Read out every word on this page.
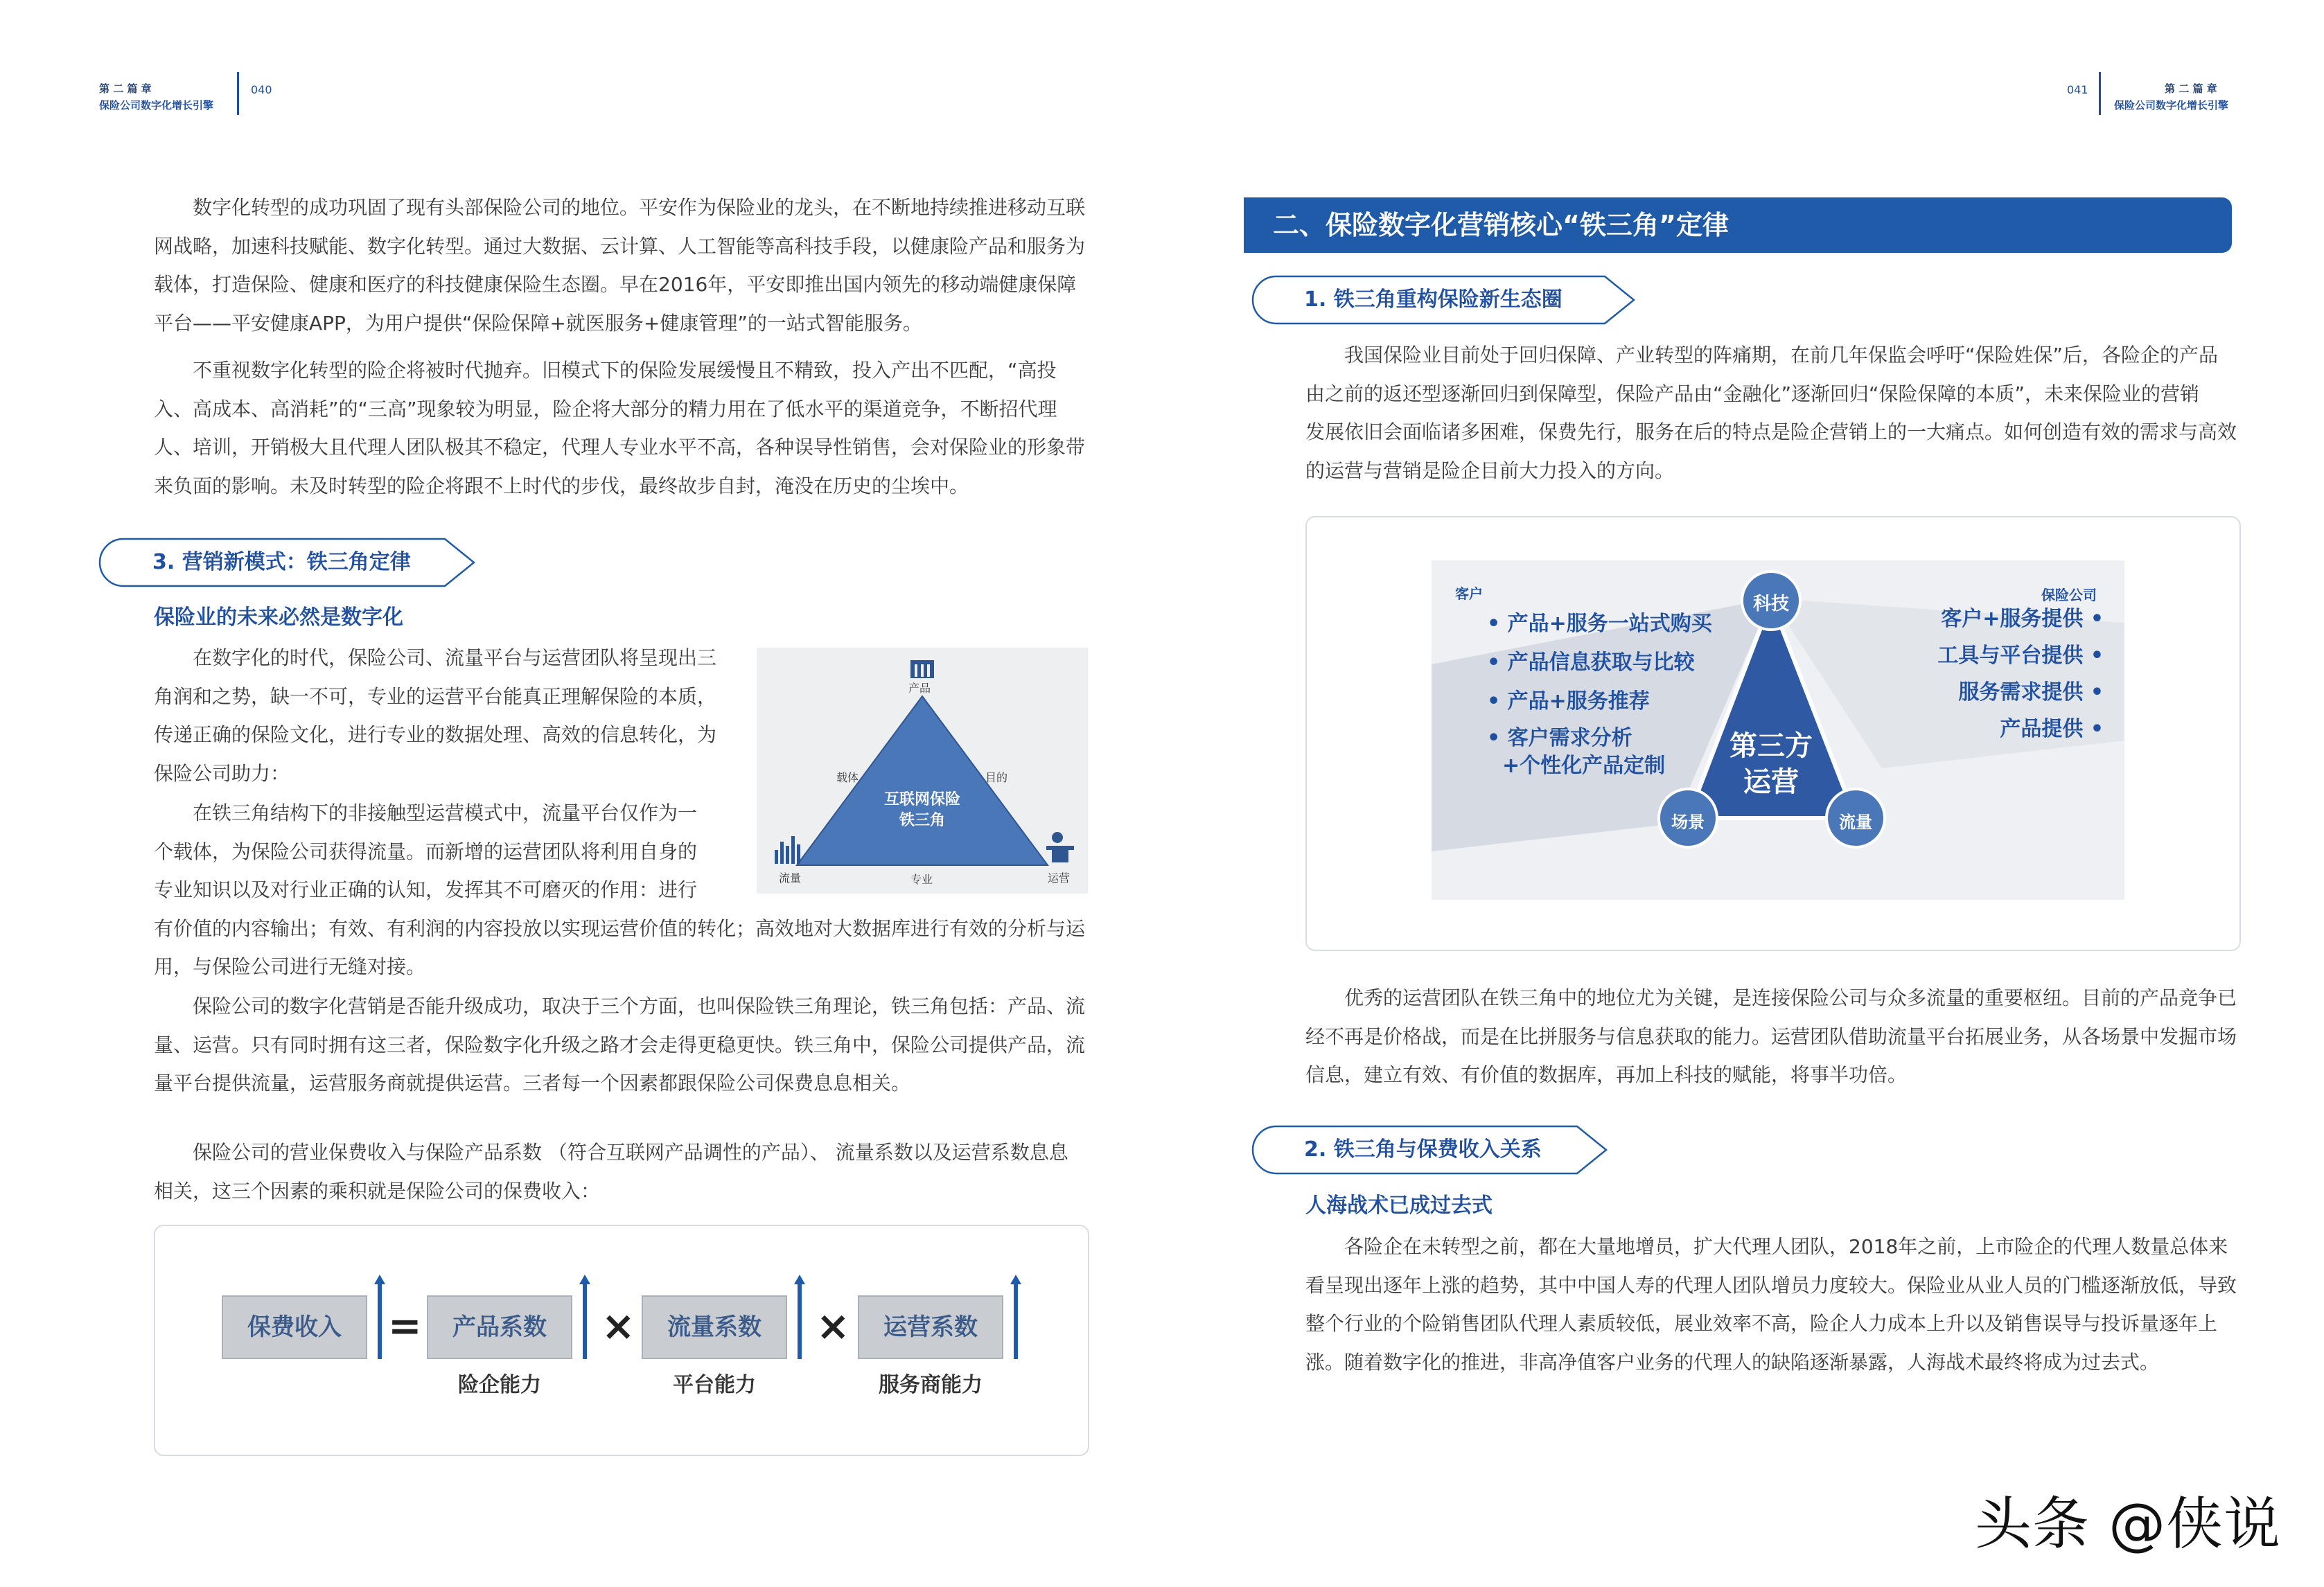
第 二 篇 章
保险公司数字化增长引擎
040
数字化转型的成功巩固了现有头部保险公司的地位。平安作为保险业的龙头，在不断地持续推进移动互联
网战略，加速科技赋能、数字化转型。通过大数据、云计算、人工智能等高科技手段，以健康险产品和服务为
载体，打造保险、健康和医疗的科技健康保险生态圈。早在2016年，平安即推出国内领先的移动端健康保障
平台——平安健康APP，为用户提供“保险保障+就医服务+健康管理”的一站式智能服务。
不重视数字化转型的险企将被时代抛弃。旧模式下的保险发展缓慢且不精致，投入产出不匹配，“高投
入、高成本、高消耗”的“三高”现象较为明显，险企将大部分的精力用在了低水平的渠道竞争，不断招代理
人、培训，开销极大且代理人团队极其不稳定，代理人专业水平不高，各种误导性销售，会对保险业的形象带
来负面的影响。未及时转型的险企将跟不上时代的步伐，最终故步自封，淹没在历史的尘埃中。
3. 营销新模式：铁三角定律
保险业的未来必然是数字化
在数字化的时代，保险公司、流量平台与运营团队将呈现出三
角润和之势，缺一不可，专业的运营平台能真正理解保险的本质，
传递正确的保险文化，进行专业的数据处理、高效的信息转化，为
保险公司助力：
在铁三角结构下的非接触型运营模式中，流量平台仅作为一
个载体，为保险公司获得流量。而新增的运营团队将利用自身的
专业知识以及对行业正确的认知，发挥其不可磨灭的作用：进行
有价值的内容输出；有效、有利润的内容投放以实现运营价值的转化；高效地对大数据库进行有效的分析与运
用，与保险公司进行无缝对接。
产品
互联网保险
铁三角
载体	目的
专业
流量	运营
保险公司的数字化营销是否能升级成功，取决于三个方面，也叫保险铁三角理论，铁三角包括：产品、流
量、运营。只有同时拥有这三者，保险数字化升级之路才会走得更稳更快。铁三角中，保险公司提供产品，流
量平台提供流量，运营服务商就提供运营。三者每一个因素都跟保险公司保费息息相关。
保险公司的营业保费收入与保险产品系数 （符合互联网产品调性的产品）、 流量系数以及运营系数息息
相关，这三个因素的乘积就是保险公司的保费收入：
保费收入	=	产品系数
险企能力
×	流量系数
平台能力
×	运营系数
服务商能力
041	第 二 篇 章
保险公司数字化增长引擎
二、保险数字化营销核心“铁三角”定律
1. 铁三角重构保险新生态圈
我国保险业目前处于回归保障、产业转型的阵痛期，在前几年保监会呼吁“保险姓保”后，各险企的产品
由之前的返还型逐渐回归到保障型，保险产品由“金融化”逐渐回归“保险保障的本质”，未来保险业的营销
发展依旧会面临诸多困难，保费先行，服务在后的特点是险企营销上的一大痛点。如何创造有效的需求与高效
的运营与营销是险企目前大力投入的方向。
客户	保险公司
• 产品+服务一站式购买
• 产品信息获取与比较
• 产品+服务推荐
• 客户需求分析
+个性化产品定制
客户+服务提供 •
工具与平台提供 •
服务需求提供 •
产品提供 •
科技
场景	流量
第三方
运营
优秀的运营团队在铁三角中的地位尤为关键，是连接保险公司与众多流量的重要枢纽。目前的产品竞争已
经不再是价格战，而是在比拼服务与信息获取的能力。运营团队借助流量平台拓展业务，从各场景中发掘市场
信息，建立有效、有价值的数据库，再加上科技的赋能，将事半功倍。
2. 铁三角与保费收入关系
人海战术已成过去式
各险企在未转型之前，都在大量地增员，扩大代理人团队，2018年之前，上市险企的代理人数量总体来
看呈现出逐年上涨的趋势，其中中国人寿的代理人团队增员力度较大。保险业从业人员的门槛逐渐放低，导致
整个行业的个险销售团队代理人素质较低，展业效率不高，险企人力成本上升以及销售误导与投诉量逐年上
涨。随着数字化的推进，非高净值客户业务的代理人的缺陷逐渐暴露，人海战术最终将成为过去式。
头条 @侠说
